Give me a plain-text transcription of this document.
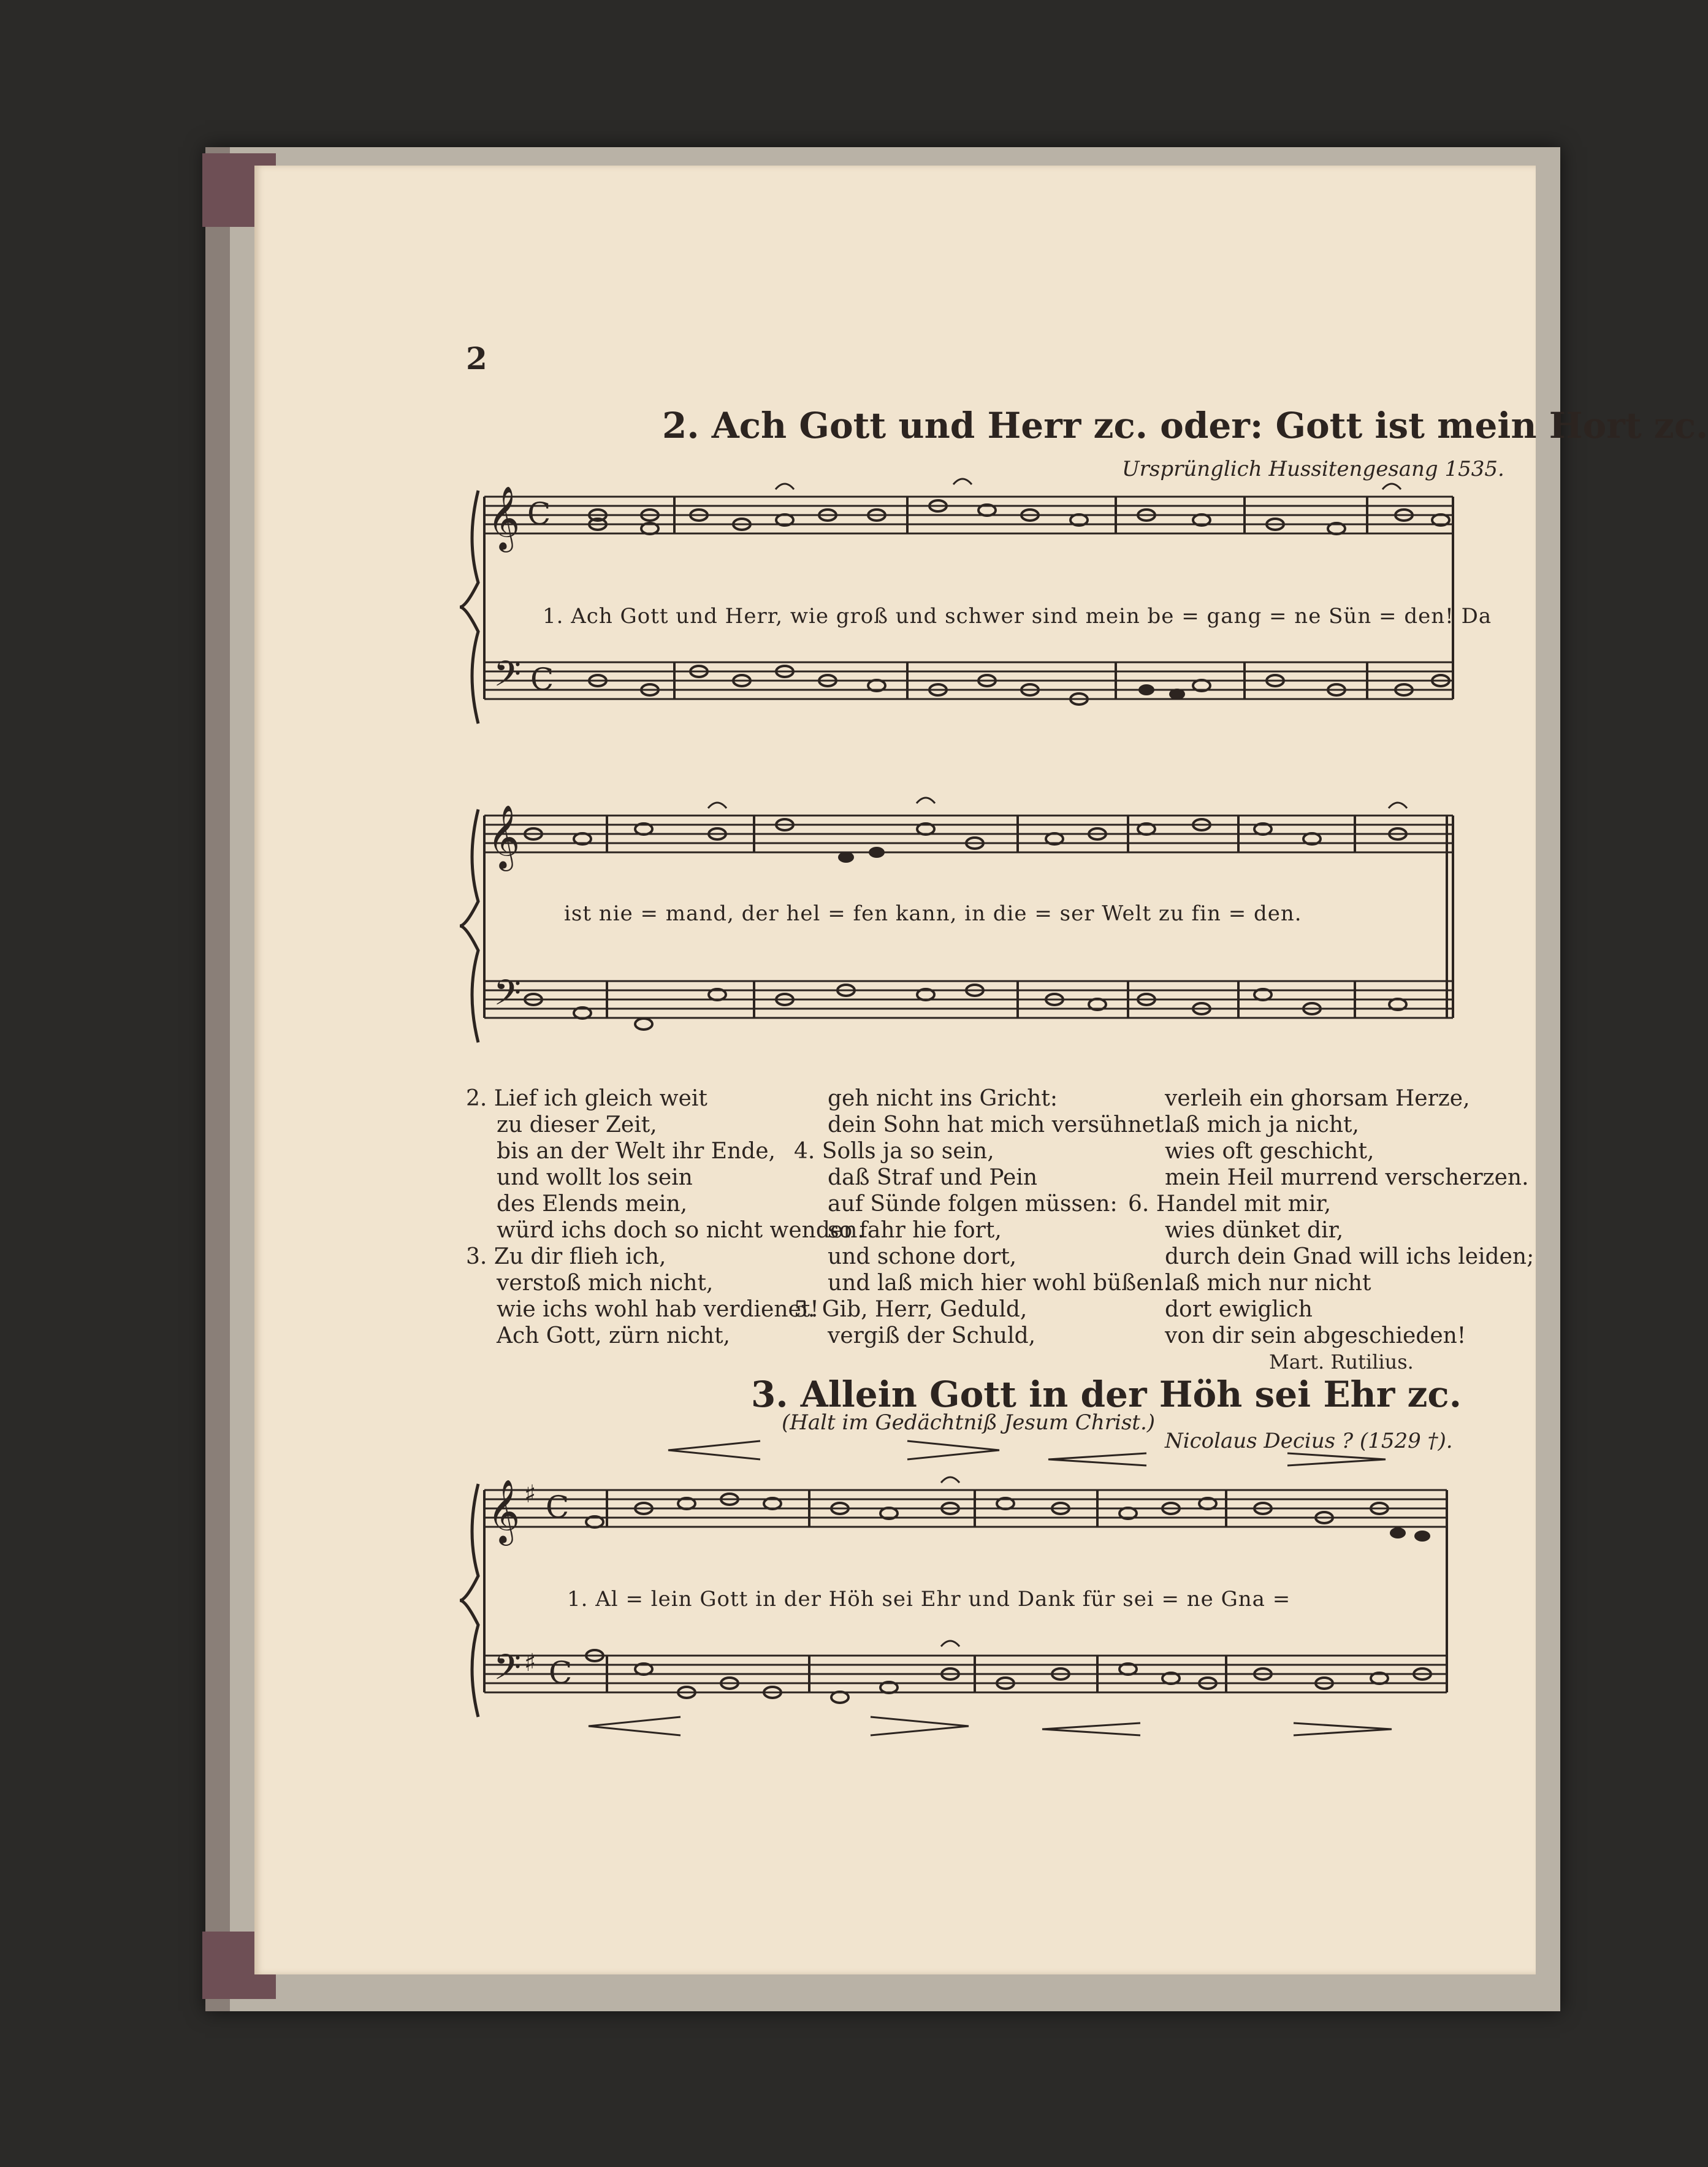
2
2. Ach Gott und Herr zc. oder: Gott ist mein Hort zc.
Ursprünglich Hussitengesang 1535.
𝄞
𝄢
C
C
1. Ach Gott und Herr, wie groß und schwer sind mein be = gang = ne Sün = den! Da
𝄞
𝄢
ist nie = mand, der hel = fen kann, in die = ser Welt zu fin = den.
2. Lief ich gleich weit
zu dieser Zeit,
bis an der Welt ihr Ende,
und wollt los sein
des Elends mein,
würd ichs doch so nicht wenden.
3. Zu dir flieh ich,
verstoß mich nicht,
wie ichs wohl hab verdienet!
Ach Gott, zürn nicht,
geh nicht ins Gricht:
dein Sohn hat mich versühnet.
4. Solls ja so sein,
daß Straf und Pein
auf Sünde folgen müssen:
so fahr hie fort,
und schone dort,
und laß mich hier wohl büßen.
5. Gib, Herr, Geduld,
vergiß der Schuld,
verleih ein ghorsam Herze,
laß mich ja nicht,
wies oft geschicht,
mein Heil murrend verscherzen.
6. Handel mit mir,
wies dünket dir,
durch dein Gnad will ichs leiden;
laß mich nur nicht
dort ewiglich
von dir sein abgeschieden!
Mart. Rutilius.
3. Allein Gott in der Höh sei Ehr zc.
(Halt im Gedächtniß Jesum Christ.)
Nicolaus Decius ? (1529 †).
𝄞
𝄢
♯
♯
C
C
1. Al = lein Gott in der Höh sei Ehr und Dank für sei = ne Gna =
